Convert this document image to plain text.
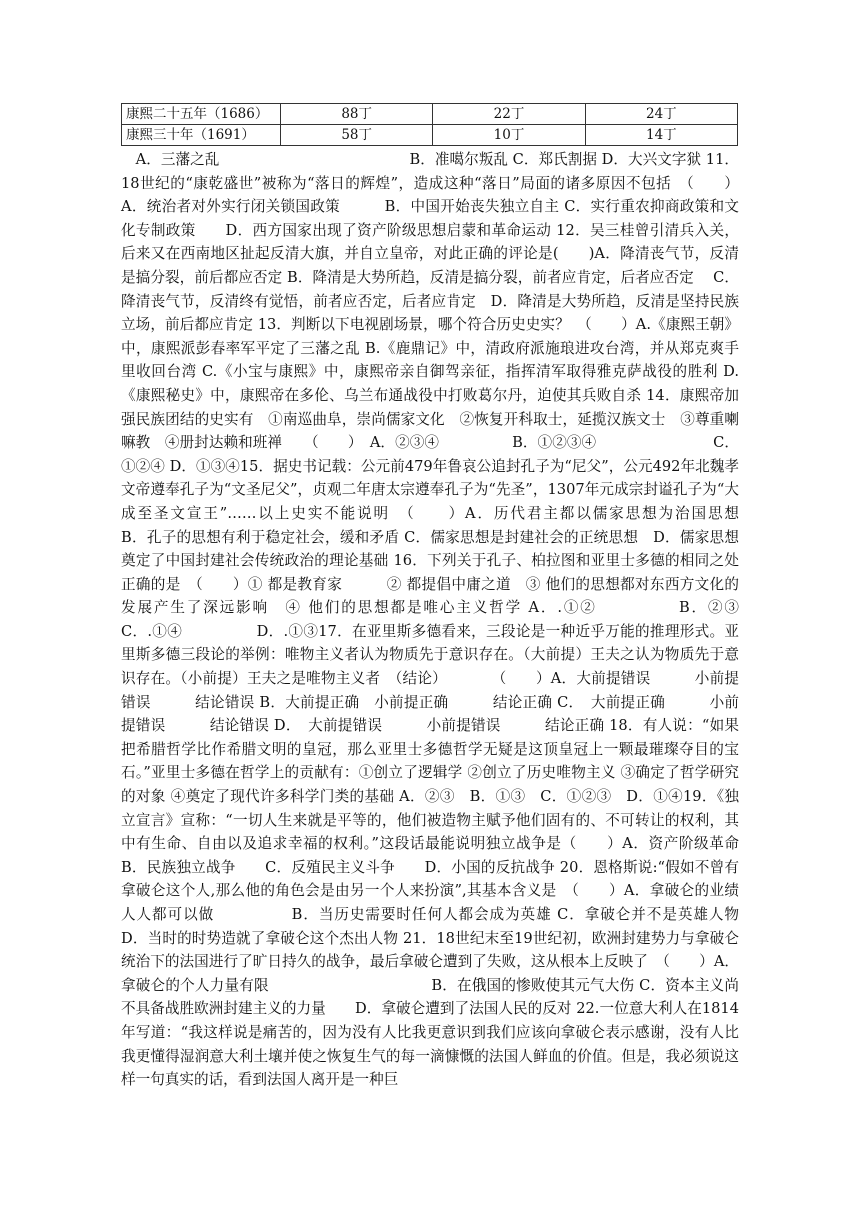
康熙二十五年（1686）	88丁	22丁	24丁
康熙三十年（1691）	58丁	10丁	14丁

　A．三藩之乱　　　　　　　　　　　　　B．准噶尔叛乱 C．郑氏割据 D．大兴文字狱 11．18世纪的“康乾盛世”被称为“落日的辉煌”，造成这种“落日”局面的诸多原因不包括　（　　）A．统治者对外实行闭关锁国政策　　　B．中国开始丧失独立自主 C．实行重农抑商政策和文化专制政策　　D．西方国家出现了资产阶级思想启蒙和革命运动 12．吴三桂曾引清兵入关，后来又在西南地区扯起反清大旗，并自立皇帝，对此正确的评论是(　　)A．降清丧气节，反清是搞分裂，前后都应否定 B．降清是大势所趋，反清是搞分裂，前者应肯定，后者应否定　 C．降清丧气节，反清终有觉悟，前者应否定，后者应肯定　D．降清是大势所趋，反清是坚持民族立场，前后都应肯定 13．判断以下电视剧场景，哪个符合历史史实？　（　　）A.《康熙王朝》中，康熙派彭春率军平定了三藩之乱 B.《鹿鼎记》中，清政府派施琅进攻台湾，并从郑克爽手里收回台湾 C.《小宝与康熙》中，康熙帝亲自御驾亲征，指挥清军取得雅克萨战役的胜利 D.《康熙秘史》中，康熙帝在多伦、乌兰布通战役中打败葛尔丹，迫使其兵败自杀 14．康熙帝加强民族团结的史实有　①南巡曲阜，崇尚儒家文化　②恢复开科取士，延揽汉族文士　③尊重喇嘛教　④册封达赖和班禅　　（　　）　A．②③④　　　　　B．①②③④　　　　　　　　C．①②④ D．①③④15．据史书记载：公元前479年鲁哀公追封孔子为“尼父”，公元492年北魏孝文帝遵奉孔子为“文圣尼父”，贞观二年唐太宗遵奉孔子为“先圣”，1307年元成宗封谥孔子为“大成至圣文宣王”……以上史实不能说明　（　　）A．历代君主都以儒家思想为治国思想　　　B．孔子的思想有利于稳定社会，缓和矛盾 C．儒家思想是封建社会的正统思想　D．儒家思想奠定了中国封建社会传统政治的理论基础 16．下列关于孔子、柏拉图和亚里士多德的相同之处正确的是　（　　）① 都是教育家　　　② 都提倡中庸之道　③ 他们的思想都对东西方文化的发展产生了深远影响　④ 他们的思想都是唯心主义哲学 A．.①②　　　　　B．②③　　　　C．.①④　　　　　D．.①③17．在亚里斯多德看来，三段论是一种近乎万能的推理形式。亚里斯多德三段论的举例：唯物主义者认为物质先于意识存在。（大前提）王夫之认为物质先于意识存在。（小前提）王夫之是唯物主义者　（结论）　　　　（　　）A．大前提错误　　　小前提错误　　　结论错误 B．大前提正确　小前提正确　　　结论正确 C．　大前提正确　　　小前提错误　　　结论错误 D．　大前提错误　　　小前提错误　　　结论正确 18．有人说：“如果把希腊哲学比作希腊文明的皇冠，那么亚里士多德哲学无疑是这顶皇冠上一颗最璀璨夺目的宝石。”亚里士多德在哲学上的贡献有：①创立了逻辑学 ②创立了历史唯物主义 ③确定了哲学研究的对象 ④奠定了现代许多科学门类的基础 A．②③　B．①③　C．①②③　D．①④19．《独立宣言》宣称：“一切人生来就是平等的，他们被造物主赋予他们固有的、不可转让的权利，其中有生命、自由以及追求幸福的权利。”这段话最能说明独立战争是（　　）A．资产阶级革命　　　B．民族独立战争　　C．反殖民主义斗争　　D．小国的反抗战争 20．恩格斯说:“假如不曾有拿破仑这个人,那么他的角色会是由另一个人来扮演”,其基本含义是　（　　）A．拿破仑的业绩人人都可以做　　　　　B．当历史需要时任何人都会成为英雄 C．拿破仑并不是英雄人物　　　　　D．当时的时势造就了拿破仑这个杰出人物 21．18世纪末至19世纪初，欧洲封建势力与拿破仑统治下的法国进行了旷日持久的战争，最后拿破仑遭到了失败，这从根本上反映了　（　　）A．拿破仑的个人力量有限　　　　　　　　　　　B．在俄国的惨败使其元气大伤 C．资本主义尚不具备战胜欧洲封建主义的力量　　D．拿破仑遭到了法国人民的反对 22.一位意大利人在1814年写道：“我这样说是痛苦的，因为没有人比我更意识到我们应该向拿破仑表示感谢，没有人比我更懂得湿润意大利土壤并使之恢复生气的每一滴慷慨的法国人鲜血的价值。但是，我必须说这样一句真实的话，看到法国人离开是一种巨
